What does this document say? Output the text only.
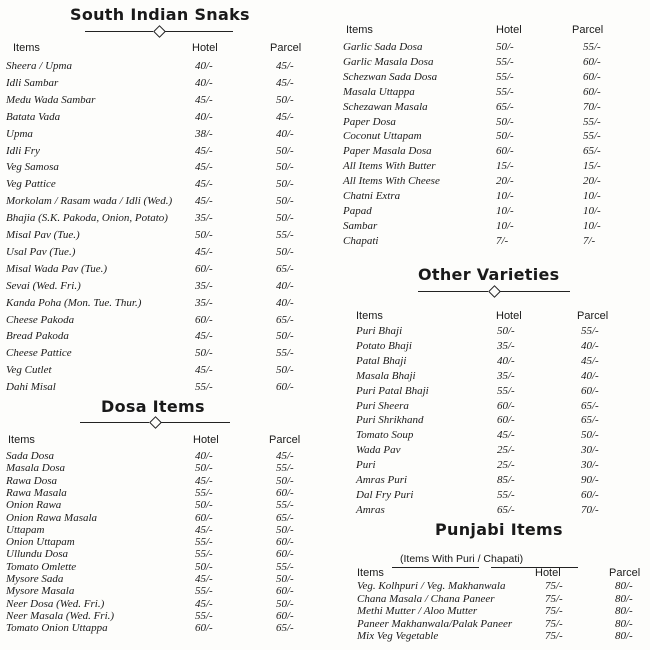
South Indian Snaks
Items	Hotel	Parcel
Sheera / Upma	40/-	45/-
Idli Sambar	40/-	45/-
Medu Wada Sambar	45/-	50/-
Batata Vada	40/-	45/-
Upma	38/-	40/-
Idli Fry	45/-	50/-
Veg Samosa	45/-	50/-
Veg Pattice	45/-	50/-
Morkolam / Rasam wada / Idli (Wed.) 45/-	50/-
Bhajia (S.K. Pakoda, Onion, Potato) 35/-	50/-
Misal Pav (Tue.)	50/-	55/-
Usal Pav (Tue.)	45/-	50/-
Misal Wada Pav (Tue.)	60/-	65/-
Sevai (Wed. Fri.)	35/-	40/-
Kanda Poha (Mon. Tue. Thur.)	35/-	40/-
Cheese Pakoda	60/-	65/-
Bread Pakoda	45/-	50/-
Cheese Pattice	50/-	55/-
Veg Cutlet	45/-	50/-
Dahi Misal	55/-	60/-
Dosa Items
Items	Hotel	Parcel
Sada Dosa	40/-	45/-
Masala Dosa	50/-	55/-
Rawa Dosa	45/-	50/-
Rawa Masala	55/-	60/-
Onion Rawa	50/-	55/-
Onion Rawa Masala	60/-	65/-
Uttapam	45/-	50/-
Onion Uttapam	55/-	60/-
Ullundu Dosa	55/-	60/-
Tomato Omlette	50/-	55/-
Mysore Sada	45/-	50/-
Mysore Masala	55/-	60/-
Neer Dosa (Wed. Fri.)	45/-	50/-
Neer Masala (Wed. Fri.)	55/-	60/-
Tomato Onion Uttappa	60/-	65/-
Items	Hotel	Parcel
Garlic Sada Dosa	50/-	55/-
Garlic Masala Dosa	55/-	60/-
Schezwan Sada Dosa	55/-	60/-
Masala Uttappa	55/-	60/-
Schezawan Masala	65/-	70/-
Paper Dosa	50/-	55/-
Coconut Uttapam	50/-	55/-
Paper Masala Dosa	60/-	65/-
All Items With Butter	15/-	15/-
All Items With Cheese	20/-	20/-
Chatni Extra	10/-	10/-
Papad	10/-	10/-
Sambar	10/-	10/-
Chapati	7/-	7/-
Other Varieties
Items	Hotel	Parcel
Puri Bhaji	50/-	55/-
Potato Bhaji	35/-	40/-
Patal Bhaji	40/-	45/-
Masala Bhaji	35/-	40/-
Puri Patal Bhaji	55/-	60/-
Puri Sheera	60/-	65/-
Puri Shrikhand	60/-	65/-
Tomato Soup	45/-	50/-
Wada Pav	25/-	30/-
Puri	25/-	30/-
Amras Puri	85/-	90/-
Dal Fry Puri	55/-	60/-
Amras	65/-	70/-
Punjabi Items
(Items With Puri / Chapati)
Items	Hotel	Parcel
Veg. Kolhpuri / Veg. Makhanwala	75/-	80/-
Chana Masala / Chana Paneer	75/-	80/-
Methi Mutter / Aloo Mutter	75/-	80/-
Paneer Makhanwala/Palak Paneer	75/-	80/-
Mix Veg Vegetable	75/-	80/-
